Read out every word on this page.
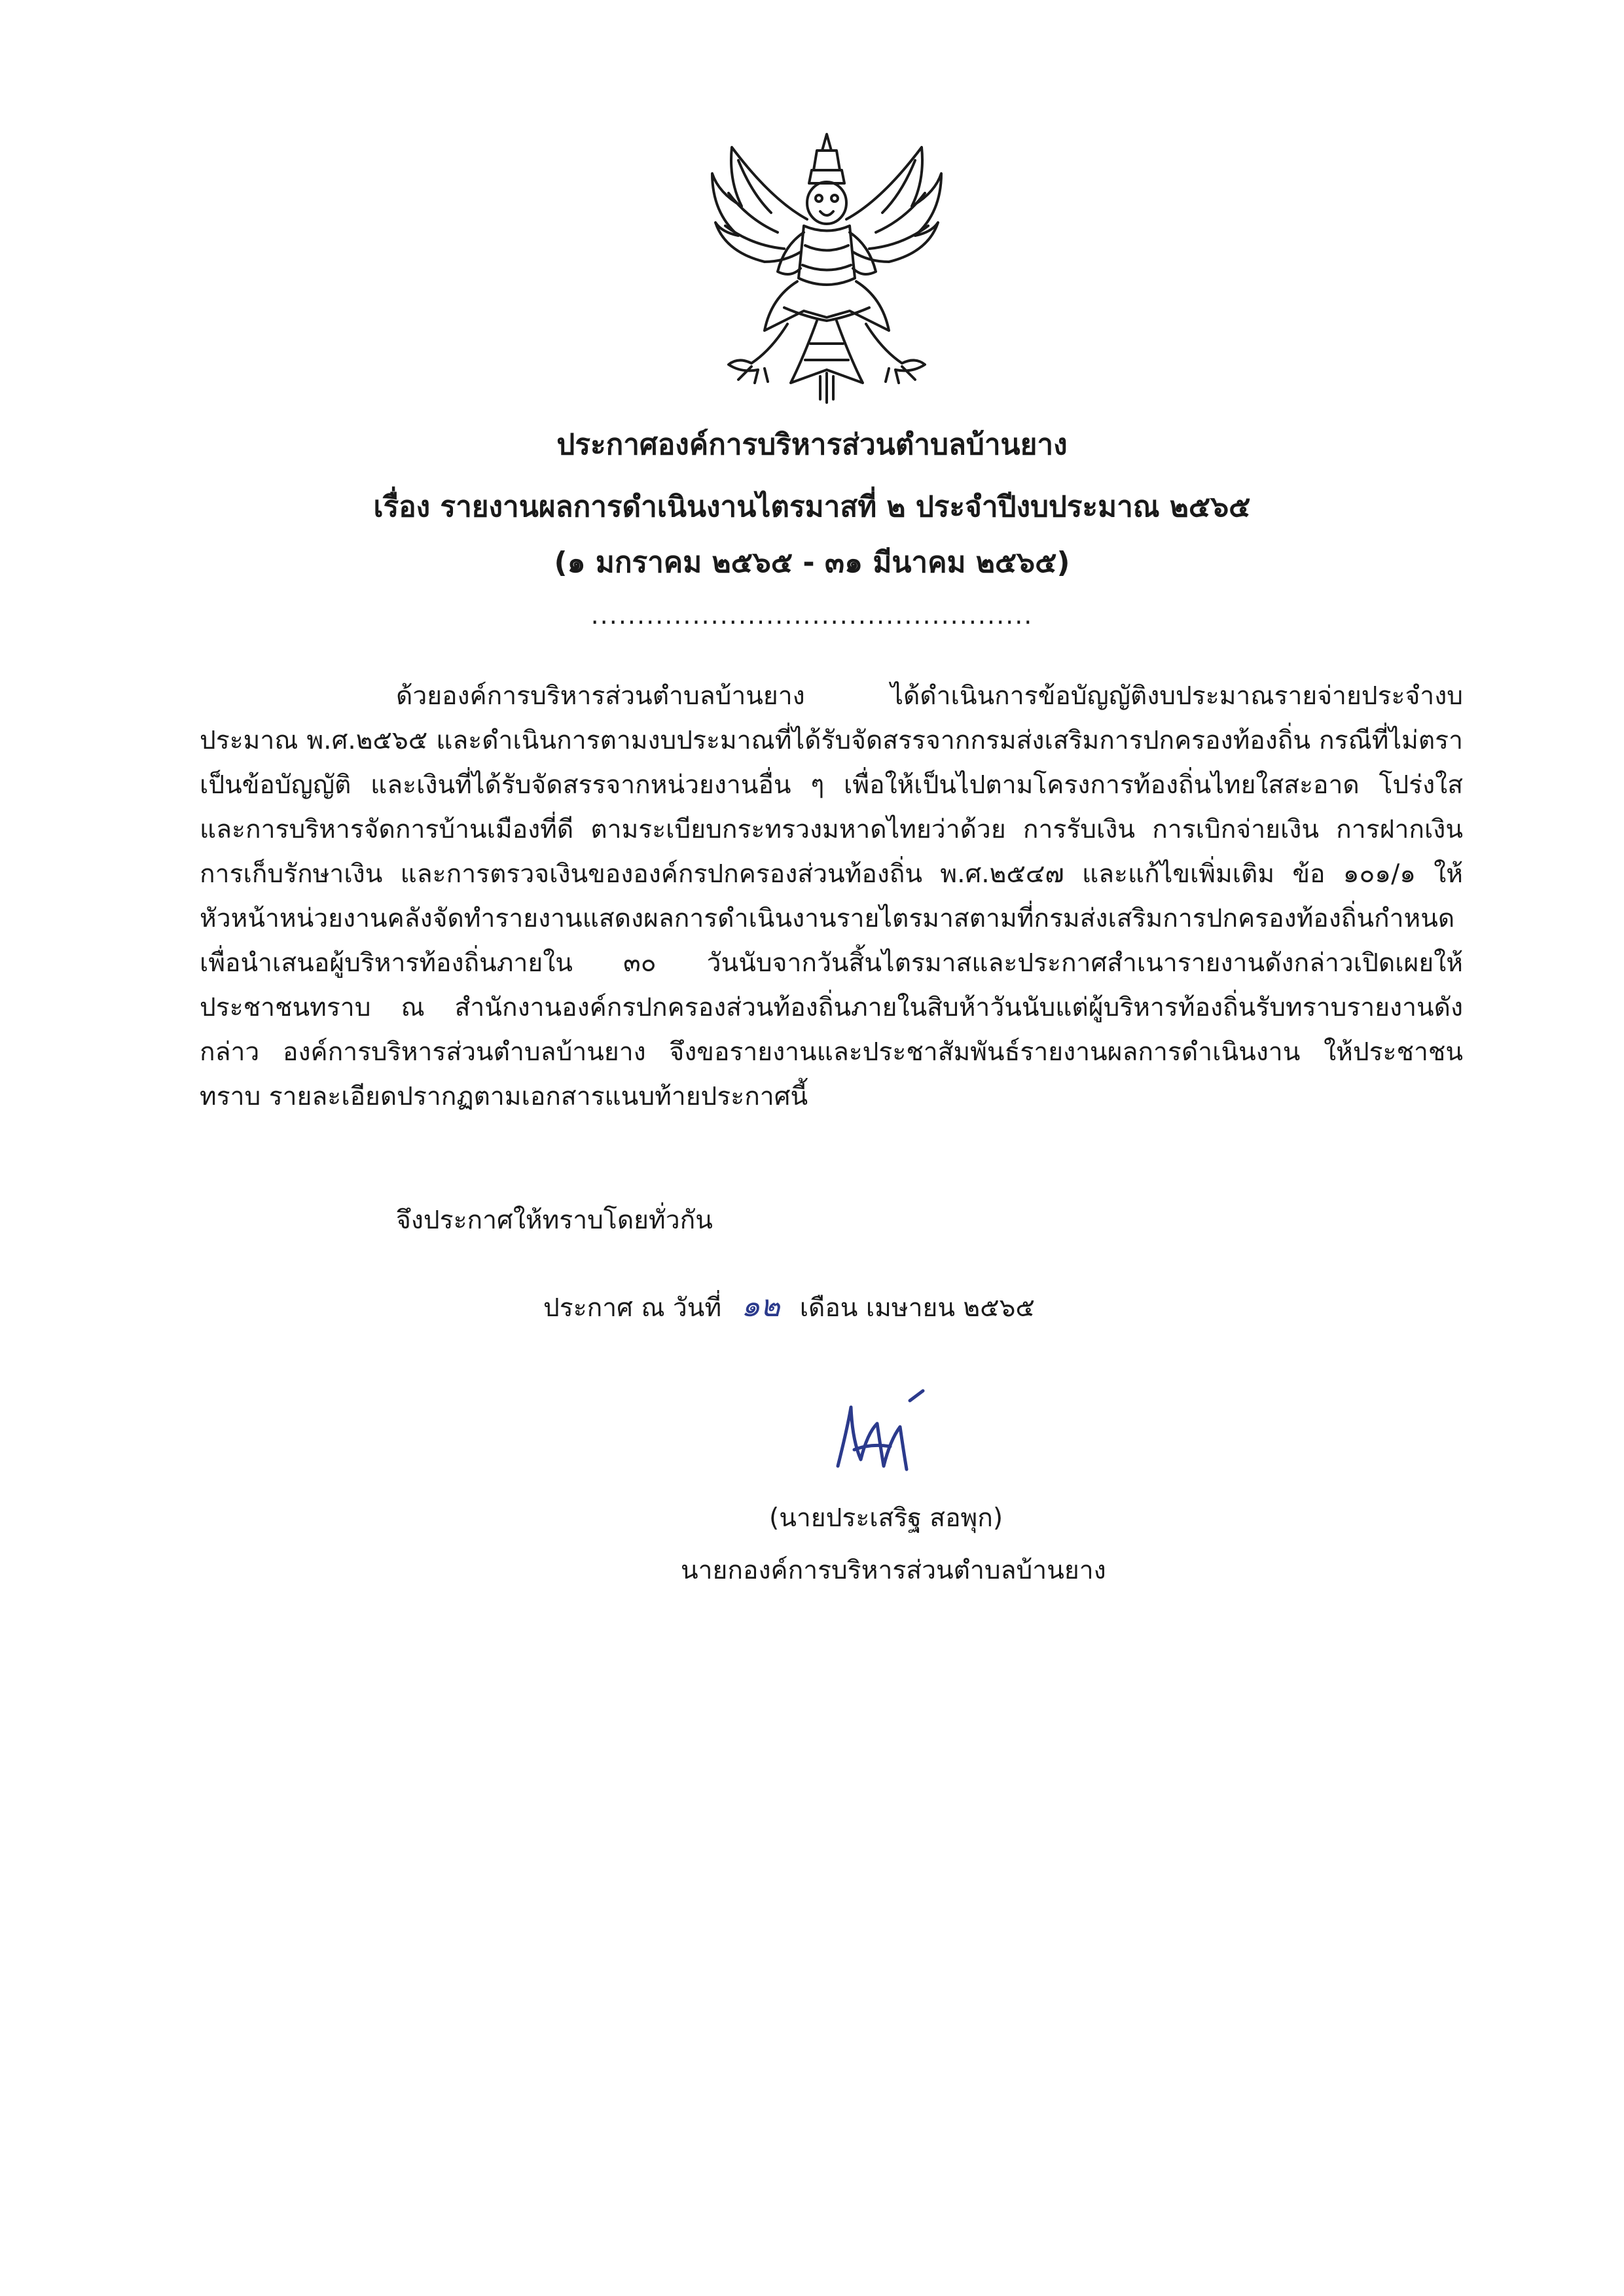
ประกาศองค์การบริหารส่วนตำบลบ้านยาง
เรื่อง รายงานผลการดำเนินงานไตรมาสที่ ๒ ประจำปีงบประมาณ ๒๕๖๕
(๑ มกราคม ๒๕๖๕ - ๓๑ มีนาคม ๒๕๖๕)
................................................

ด้วยองค์การบริหารส่วนตำบลบ้านยาง ได้ดำเนินการข้อบัญญัติงบประมาณรายจ่ายประจำงบประมาณ พ.ศ.๒๕๖๕ และดำเนินการตามงบประมาณที่ได้รับจัดสรรจากกรมส่งเสริมการปกครองท้องถิ่น กรณีที่ไม่ตราเป็นข้อบัญญัติ และเงินที่ได้รับจัดสรรจากหน่วยงานอื่น ๆ เพื่อให้เป็นไปตามโครงการท้องถิ่นไทยใสสะอาด โปร่งใสและการบริหารจัดการบ้านเมืองที่ดี ตามระเบียบกระทรวงมหาดไทยว่าด้วย การรับเงิน การเบิกจ่ายเงิน การฝากเงิน การเก็บรักษาเงิน และการตรวจเงินขององค์กรปกครองส่วนท้องถิ่น พ.ศ.๒๕๔๗ และแก้ไขเพิ่มเติม ข้อ ๑๐๑/๑ ให้หัวหน้าหน่วยงานคลังจัดทำรายงานแสดงผลการดำเนินงานรายไตรมาสตามที่กรมส่งเสริมการปกครองท้องถิ่นกำหนดเพื่อนำเสนอผู้บริหารท้องถิ่นภายใน ๓๐ วันนับจากวันสิ้นไตรมาสและประกาศสำเนารายงานดังกล่าวเปิดเผยให้ประชาชนทราบ ณ สำนักงานองค์กรปกครองส่วนท้องถิ่นภายในสิบห้าวันนับแต่ผู้บริหารท้องถิ่นรับทราบรายงานดังกล่าว องค์การบริหารส่วนตำบลบ้านยาง จึงขอรายงานและประชาสัมพันธ์รายงานผลการดำเนินงาน ให้ประชาชนทราบ รายละเอียดปรากฏตามเอกสารแนบท้ายประกาศนี้

จึงประกาศให้ทราบโดยทั่วกัน
ประกาศ ณ วันที่ ๑๒ เดือน เมษายน ๒๕๖๕
(นายประเสริฐ สอพุก)
นายกองค์การบริหารส่วนตำบลบ้านยาง
